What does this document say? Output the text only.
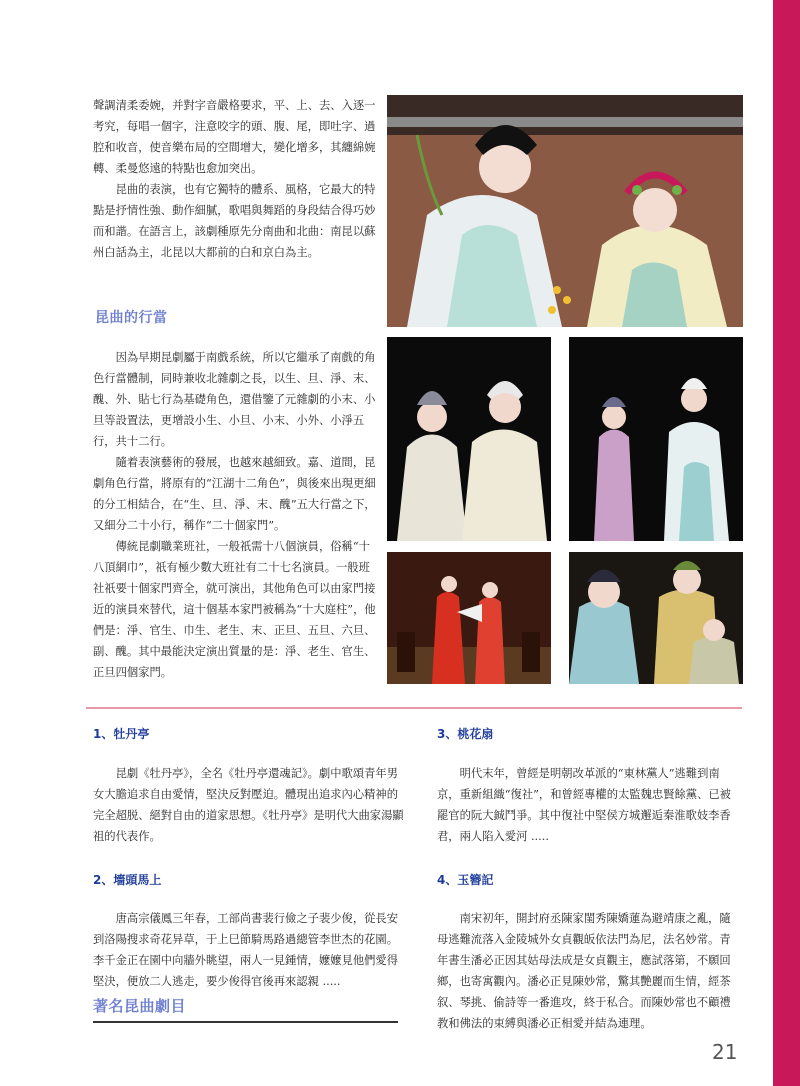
聲調清柔委婉，并對字音嚴格要求，平、上、去、入逐一考究，每唱一個字，注意咬字的頭、腹、尾，即吐字、過腔和收音，使音樂布局的空間增大，變化增多，其纏綿婉轉、柔曼悠遠的特點也愈加突出。

昆曲的表演，也有它獨特的體系、風格，它最大的特點是抒情性強、動作細膩，歌唱與舞蹈的身段結合得巧妙而和諧。在語言上，該劇種原先分南曲和北曲：南昆以蘇州白話為主，北昆以大都前的白和京白為主。

昆曲的行當

因為早期昆劇屬于南戲系統，所以它繼承了南戲的角色行當體制，同時兼收北雜劇之長，以生、旦、淨、末、醜、外、貼七行為基礎角色，還借鑒了元雜劇的小末、小旦等設置法，更增設小生、小旦、小末、小外、小淨五行，共十二行。

隨着表演藝術的發展，也越來越細致。嘉、道間，昆劇角色行當，將原有的“江湖十二角色”，與後來出現更細的分工相結合，在“生、旦、淨、末、醜”五大行當之下，又細分二十小行，稱作“二十個家門”。

傳統昆劇職業班社，一般祇需十八個演員，俗稱“十八頂網巾”，祇有極少數大班社有二十七名演員。一般班社祇要十個家門齊全，就可演出，其他角色可以由家門接近的演員來替代，這十個基本家門被稱為“十大庭柱”，他們是：淨、官生、巾生、老生、末、正旦、五旦、六旦、副、醜。其中最能決定演出質量的是：淨、老生、官生、正旦四個家門。

1、牡丹亭

昆劇《牡丹亭》，全名《牡丹亭還魂記》。劇中歌頌青年男女大膽追求自由愛情，堅決反對壓迫。體現出追求內心精神的完全超脱、絕對自由的道家思想。《牡丹亭》是明代大曲家湯顯祖的代表作。

2、墻頭馬上

唐高宗儀鳳三年春，工部尚書裴行儉之子裴少俊，從長安到洛陽搜求奇花异草，于上巳節騎馬路過總管李世杰的花園。李千金正在園中向牆外眺望，兩人一見鍾情，嬤嬤見他們愛得堅決，便放二人逃走，要少俊得官後再來認親 .....

3、桃花扇

明代末年，曾經是明朝改革派的“東林黨人”逃難到南京，重新組織“復社”，和曾經專權的太監魏忠賢餘黨、已被罷官的阮大鋮鬥爭。其中復社中堅侯方城邂逅秦淮歌妓李香君，兩人陷入愛河 .....

4、玉簪記

南宋初年，開封府丞陳家閨秀陳嬌蓮為避靖康之亂，隨母逃難流落入金陵城外女貞觀皈依法門為尼，法名妙常。青年書生潘必正因其姑母法成是女貞觀主，應試落第，不願回鄉，也寄寓觀內。潘必正見陳妙常，驚其艷麗而生情，經茶叙、琴挑、偷詩等一番進攻，終于私合。而陳妙常也不顧禮教和佛法的束縛與潘必正相愛并結為連理。

著名昆曲劇目
21
